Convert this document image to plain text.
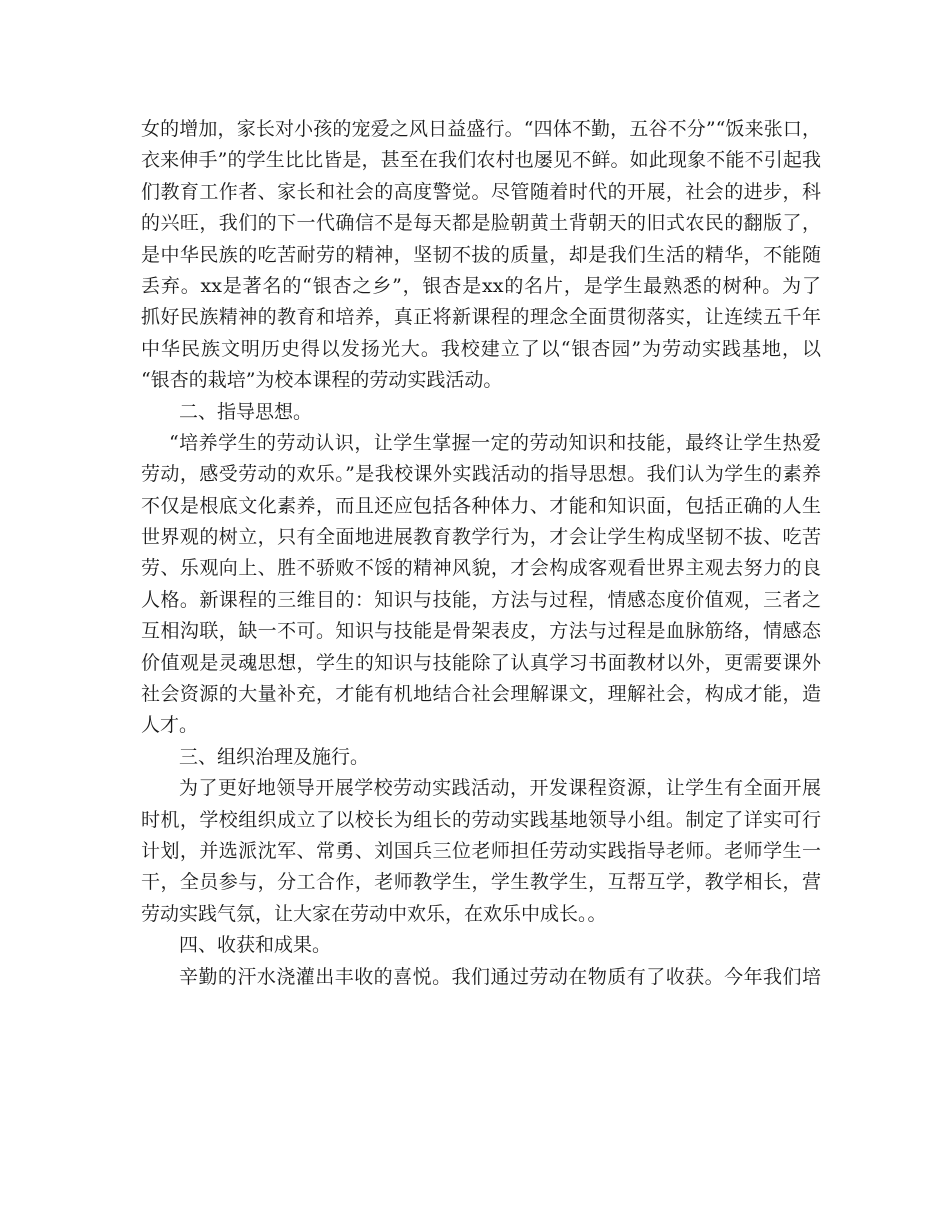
女的增加，家长对小孩的宠爱之风日益盛行。“四体不勤，五谷不分”“饭来张口，
衣来伸手”的学生比比皆是，甚至在我们农村也屡见不鲜。如此现象不能不引起我
们教育工作者、家长和社会的高度警觉。尽管随着时代的开展，社会的进步，科
的兴旺，我们的下一代确信不是每天都是脸朝黄土背朝天的旧式农民的翻版了，
是中华民族的吃苦耐劳的精神，坚韧不拔的质量，却是我们生活的精华，不能随
丢弃。xx是著名的“银杏之乡”，银杏是xx的名片，是学生最熟悉的树种。为了
抓好民族精神的教育和培养，真正将新课程的理念全面贯彻落实，让连续五千年
中华民族文明历史得以发扬光大。我校建立了以“银杏园”为劳动实践基地，以
“银杏的栽培”为校本课程的劳动实践活动。
二、指导思想。
“培养学生的劳动认识，让学生掌握一定的劳动知识和技能，最终让学生热爱
劳动，感受劳动的欢乐。”是我校课外实践活动的指导思想。我们认为学生的素养
不仅是根底文化素养，而且还应包括各种体力、才能和知识面，包括正确的人生
世界观的树立，只有全面地进展教育教学行为，才会让学生构成坚韧不拔、吃苦
劳、乐观向上、胜不骄败不馁的精神风貌，才会构成客观看世界主观去努力的良
人格。新课程的三维目的：知识与技能，方法与过程，情感态度价值观，三者之
互相沟联，缺一不可。知识与技能是骨架表皮，方法与过程是血脉筋络，情感态
价值观是灵魂思想，学生的知识与技能除了认真学习书面教材以外，更需要课外
社会资源的大量补充，才能有机地结合社会理解课文，理解社会，构成才能，造
人才。
三、组织治理及施行。
为了更好地领导开展学校劳动实践活动，开发课程资源，让学生有全面开展
时机，学校组织成立了以校长为组长的劳动实践基地领导小组。制定了详实可行
计划，并选派沈军、常勇、刘国兵三位老师担任劳动实践指导老师。老师学生一
干，全员参与，分工合作，老师教学生，学生教学生，互帮互学，教学相长，营
劳动实践气氛，让大家在劳动中欢乐，在欢乐中成长。。
四、收获和成果。
辛勤的汗水浇灌出丰收的喜悦。我们通过劳动在物质有了收获。今年我们培
